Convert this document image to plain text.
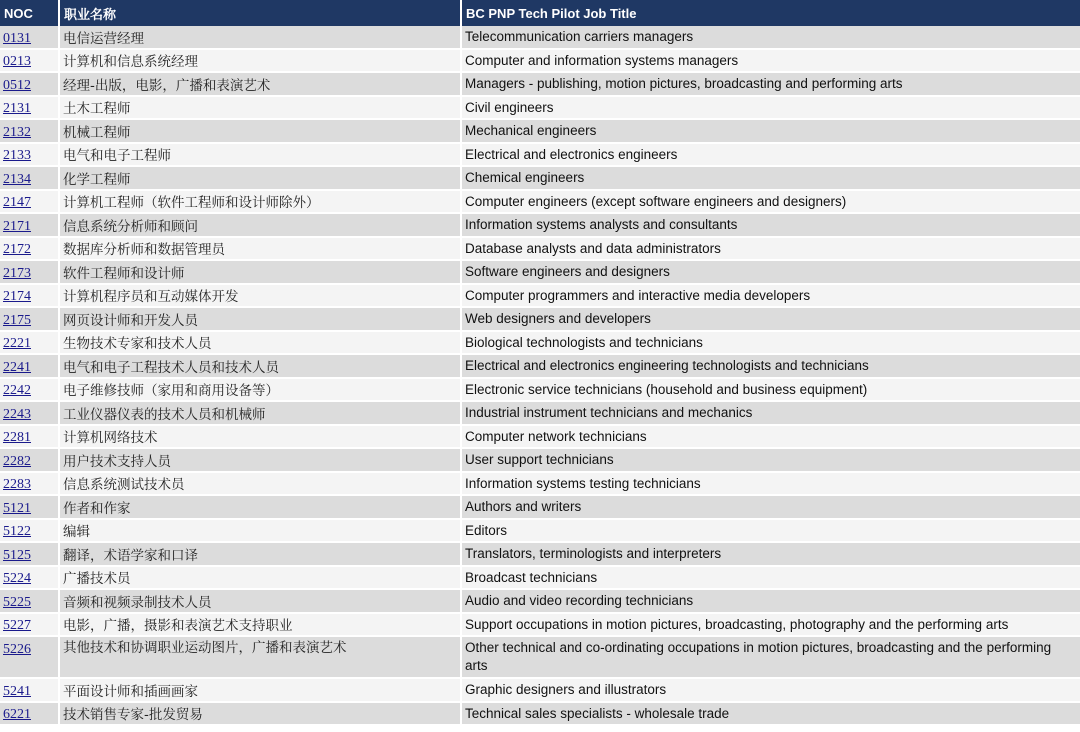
NOC	职业名称	BC PNP Tech Pilot Job Title
0131	电信运营经理	Telecommunication carriers managers
0213	计算机和信息系统经理	Computer and information systems managers
0512	经理-出版，电影，广播和表演艺术	Managers - publishing, motion pictures, broadcasting and performing arts
2131	土木工程师	Civil engineers
2132	机械工程师	Mechanical engineers
2133	电气和电子工程师	Electrical and electronics engineers
2134	化学工程师	Chemical engineers
2147	计算机工程师（软件工程师和设计师除外）	Computer engineers (except software engineers and designers)
2171	信息系统分析师和顾问	Information systems analysts and consultants
2172	数据库分析师和数据管理员	Database analysts and data administrators
2173	软件工程师和设计师	Software engineers and designers
2174	计算机程序员和互动媒体开发	Computer programmers and interactive media developers
2175	网页设计师和开发人员	Web designers and developers
2221	生物技术专家和技术人员	Biological technologists and technicians
2241	电气和电子工程技术人员和技术人员	Electrical and electronics engineering technologists and technicians
2242	电子维修技师（家用和商用设备等）	Electronic service technicians (household and business equipment)
2243	工业仪器仪表的技术人员和机械师	Industrial instrument technicians and mechanics
2281	计算机网络技术	Computer network technicians
2282	用户技术支持人员	User support technicians
2283	信息系统测试技术员	Information systems testing technicians
5121	作者和作家	Authors and writers
5122	编辑	Editors
5125	翻译，术语学家和口译	Translators, terminologists and interpreters
5224	广播技术员	Broadcast technicians
5225	音频和视频录制技术人员	Audio and video recording technicians
5227	电影，广播，摄影和表演艺术支持职业	Support occupations in motion pictures, broadcasting, photography and the performing arts
5226	其他技术和协调职业运动图片，广播和表演艺术	Other technical and co-ordinating occupations in motion pictures, broadcasting and the performing arts
5241	平面设计师和插画画家	Graphic designers and illustrators
6221	技术销售专家-批发贸易	Technical sales specialists - wholesale trade
